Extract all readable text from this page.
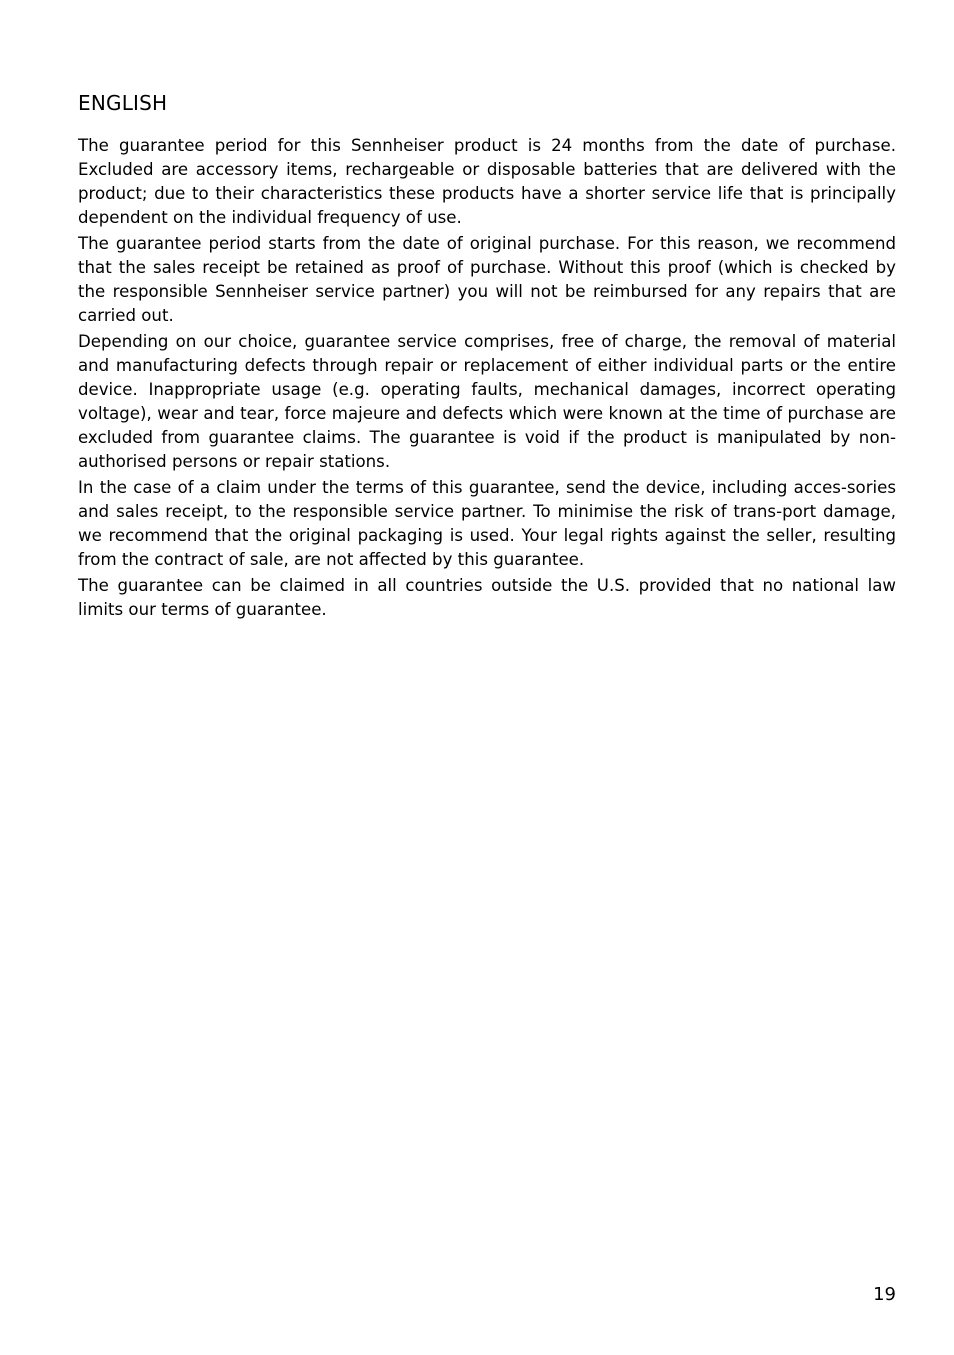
ENGLISH

The guarantee period for this Sennheiser product is 24 months from the date of purchase. Excluded are accessory items, rechargeable or disposable batteries that are delivered with the product; due to their characteristics these products have a shorter service life that is principally dependent on the individual frequency of use.

The guarantee period starts from the date of original purchase. For this reason, we recommend that the sales receipt be retained as proof of purchase. Without this proof (which is checked by the responsible Sennheiser service partner) you will not be reimbursed for any repairs that are carried out.

Depending on our choice, guarantee service comprises, free of charge, the removal of material and manufacturing defects through repair or replacement of either individual parts or the entire device. Inappropriate usage (e.g. operating faults, mechanical damages, incorrect operating voltage), wear and tear, force majeure and defects which were known at the time of purchase are excluded from guarantee claims. The guarantee is void if the product is manipulated by non-authorised persons or repair stations.

In the case of a claim under the terms of this guarantee, send the device, including acces-sories and sales receipt, to the responsible service partner. To minimise the risk of trans-port damage, we recommend that the original packaging is used. Your legal rights against the seller, resulting from the contract of sale, are not affected by this guarantee.

The guarantee can be claimed in all countries outside the U.S. provided that no national law limits our terms of guarantee.

19
